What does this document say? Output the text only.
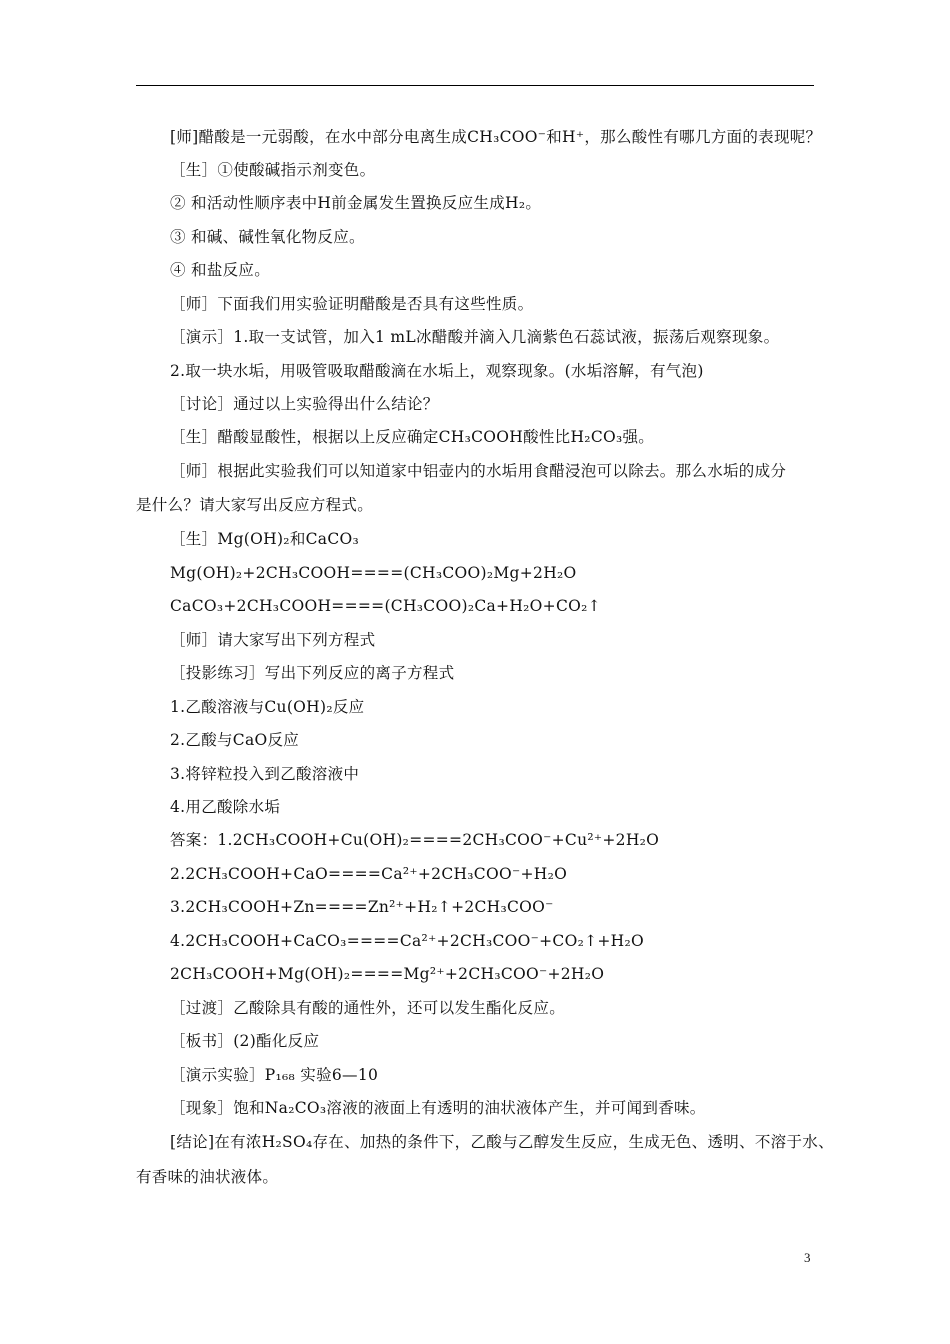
[师]醋酸是一元弱酸，在水中部分电离生成CH₃COO⁻和H⁺，那么酸性有哪几方面的表现呢？
［生］①使酸碱指示剂变色。
② 和活动性顺序表中H前金属发生置换反应生成H₂。
③ 和碱、碱性氧化物反应。
④ 和盐反应。
［师］下面我们用实验证明醋酸是否具有这些性质。
［演示］1.取一支试管，加入1 mL冰醋酸并滴入几滴紫色石蕊试液，振荡后观察现象。
2.取一块水垢，用吸管吸取醋酸滴在水垢上，观察现象。(水垢溶解，有气泡)
［讨论］通过以上实验得出什么结论？
［生］醋酸显酸性，根据以上反应确定CH₃COOH酸性比H₂CO₃强。
［师］根据此实验我们可以知道家中铝壶内的水垢用食醋浸泡可以除去。那么水垢的成分
是什么？请大家写出反应方程式。
［生］Mg(OH)₂和CaCO₃
Mg(OH)₂+2CH₃COOH====(CH₃COO)₂Mg+2H₂O
CaCO₃+2CH₃COOH====(CH₃COO)₂Ca+H₂O+CO₂↑
［师］请大家写出下列方程式
［投影练习］写出下列反应的离子方程式
1.乙酸溶液与Cu(OH)₂反应
2.乙酸与CaO反应
3.将锌粒投入到乙酸溶液中
4.用乙酸除水垢
答案：1.2CH₃COOH+Cu(OH)₂====2CH₃COO⁻+Cu²⁺+2H₂O
2.2CH₃COOH+CaO====Ca²⁺+2CH₃COO⁻+H₂O
3.2CH₃COOH+Zn====Zn²⁺+H₂↑+2CH₃COO⁻
4.2CH₃COOH+CaCO₃====Ca²⁺+2CH₃COO⁻+CO₂↑+H₂O
2CH₃COOH+Mg(OH)₂====Mg²⁺+2CH₃COO⁻+2H₂O
［过渡］乙酸除具有酸的通性外，还可以发生酯化反应。
［板书］(2)酯化反应
［演示实验］P₁₆₈ 实验6—10
［现象］饱和Na₂CO₃溶液的液面上有透明的油状液体产生，并可闻到香味。
[结论]在有浓H₂SO₄存在、加热的条件下，乙酸与乙醇发生反应，生成无色、透明、不溶于水、
有香味的油状液体。
3
